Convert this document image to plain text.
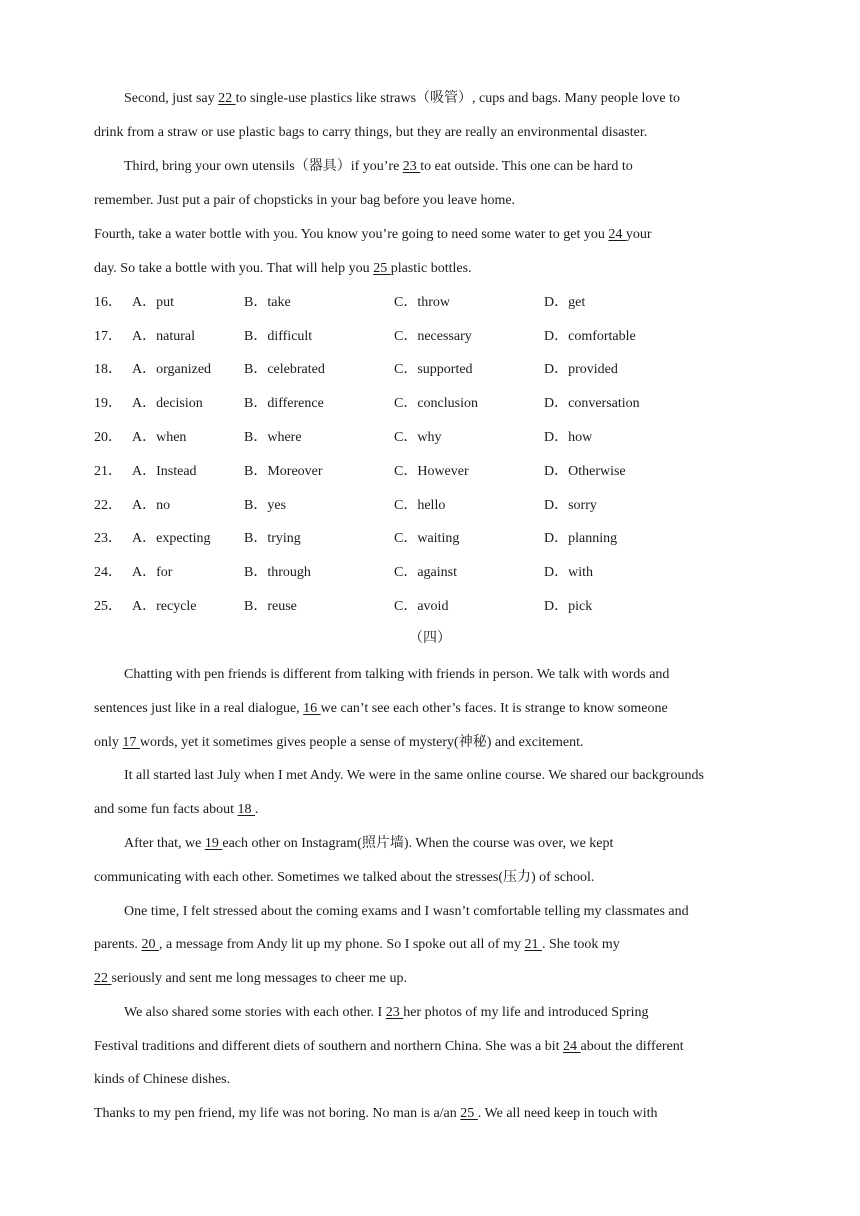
Second, just say 22 to single-use plastics like straws（吸管）, cups and bags. Many people love to
drink from a straw or use plastic bags to carry things, but they are really an environmental disaster.
Third, bring your own utensils（器具）if you’re 23 to eat outside. This one can be hard to
remember. Just put a pair of chopsticks in your bag before you leave home.
Fourth, take a water bottle with you. You know you’re going to need some water to get you 24 your
day. So take a bottle with you. That will help you 25 plastic bottles.
16． A．put	B．take	C．throw	D．get
17． A．natural	B．difficult	C．necessary	D．comfortable
18． A．organized B．celebrated	C．supported	D．provided
19． A．decision	B．difference	C．conclusion	D．conversation
20． A．when	B．where	C．why	D．how
21． A．Instead	B．Moreover	C．However	D．Otherwise
22． A．no	B．yes	C．hello	D．sorry
23． A．expecting B．trying	C．waiting	D．planning
24． A．for	B．through	C．against	D．with
25． A．recycle	B．reuse	C．avoid	D．pick
（四）
Chatting with pen friends is different from talking with friends in person. We talk with words and
sentences just like in a real dialogue, 16 we can’t see each other’s faces. It is strange to know someone
only 17 words, yet it sometimes gives people a sense of mystery(神秘) and excitement.
It all started last July when I met Andy. We were in the same online course. We shared our backgrounds
and some fun facts about 18 .
After that, we 19 each other on Instagram(照片墙). When the course was over, we kept
communicating with each other. Sometimes we talked about the stresses(压力) of school.
One time, I felt stressed about the coming exams and I wasn’t comfortable telling my classmates and
parents. 20 , a message from Andy lit up my phone. So I spoke out all of my 21 . She took my
22 seriously and sent me long messages to cheer me up.
We also shared some stories with each other. I 23 her photos of my life and introduced Spring
Festival traditions and different diets of southern and northern China. She was a bit 24 about the different
kinds of Chinese dishes.
Thanks to my pen friend, my life was not boring. No man is a/an 25 . We all need keep in touch with
